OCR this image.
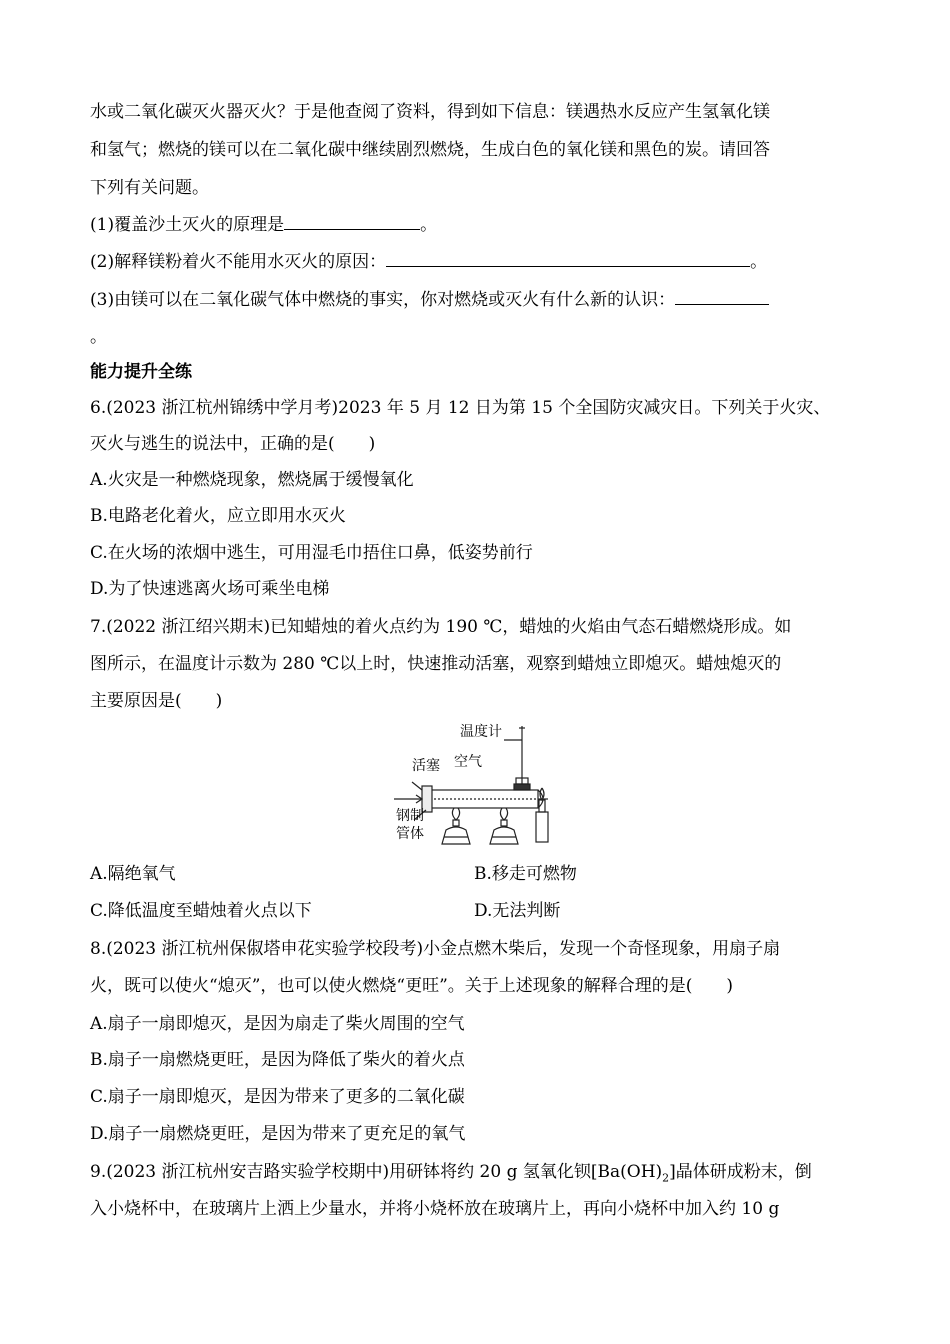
水或二氧化碳灭火器灭火？于是他查阅了资料，得到如下信息：镁遇热水反应产生氢氧化镁
和氢气；燃烧的镁可以在二氧化碳中继续剧烈燃烧，生成白色的氧化镁和黑色的炭。请回答
下列有关问题。
(1)覆盖沙土灭火的原理是	。
(2)解释镁粉着火不能用水灭火的原因：	。
(3)由镁可以在二氧化碳气体中燃烧的事实，你对燃烧或灭火有什么新的认识：
。
能力提升全练
6.(2023 浙江杭州锦绣中学月考)2023 年 5 月 12 日为第 15 个全国防灾减灾日。下列关于火灾、
灭火与逃生的说法中，正确的是(　　)
A.火灾是一种燃烧现象，燃烧属于缓慢氧化
B.电路老化着火，应立即用水灭火
C.在火场的浓烟中逃生，可用湿毛巾捂住口鼻，低姿势前行
D.为了快速逃离火场可乘坐电梯
7.(2022 浙江绍兴期末)已知蜡烛的着火点约为 190 ℃，蜡烛的火焰由气态石蜡燃烧形成。如
图所示，在温度计示数为 280 ℃以上时，快速推动活塞，观察到蜡烛立即熄灭。蜡烛熄灭的
主要原因是(　　)
温度计
活塞 空气
钢制
管体
A.隔绝氧气	B.移走可燃物
C.降低温度至蜡烛着火点以下	D.无法判断
8.(2023 浙江杭州保俶塔申花实验学校段考)小金点燃木柴后，发现一个奇怪现象，用扇子扇
火，既可以使火“熄灭”，也可以使火燃烧“更旺”。关于上述现象的解释合理的是(　　)
A.扇子一扇即熄灭，是因为扇走了柴火周围的空气
B.扇子一扇燃烧更旺，是因为降低了柴火的着火点
C.扇子一扇即熄灭，是因为带来了更多的二氧化碳
D.扇子一扇燃烧更旺，是因为带来了更充足的氧气
9.(2023 浙江杭州安吉路实验学校期中)用研钵将约 20 g 氢氧化钡$[Ba(OH)_2]$晶体研成粉末，倒
入小烧杯中，在玻璃片上洒上少量水，并将小烧杯放在玻璃片上，再向小烧杯中加入约 10 g
